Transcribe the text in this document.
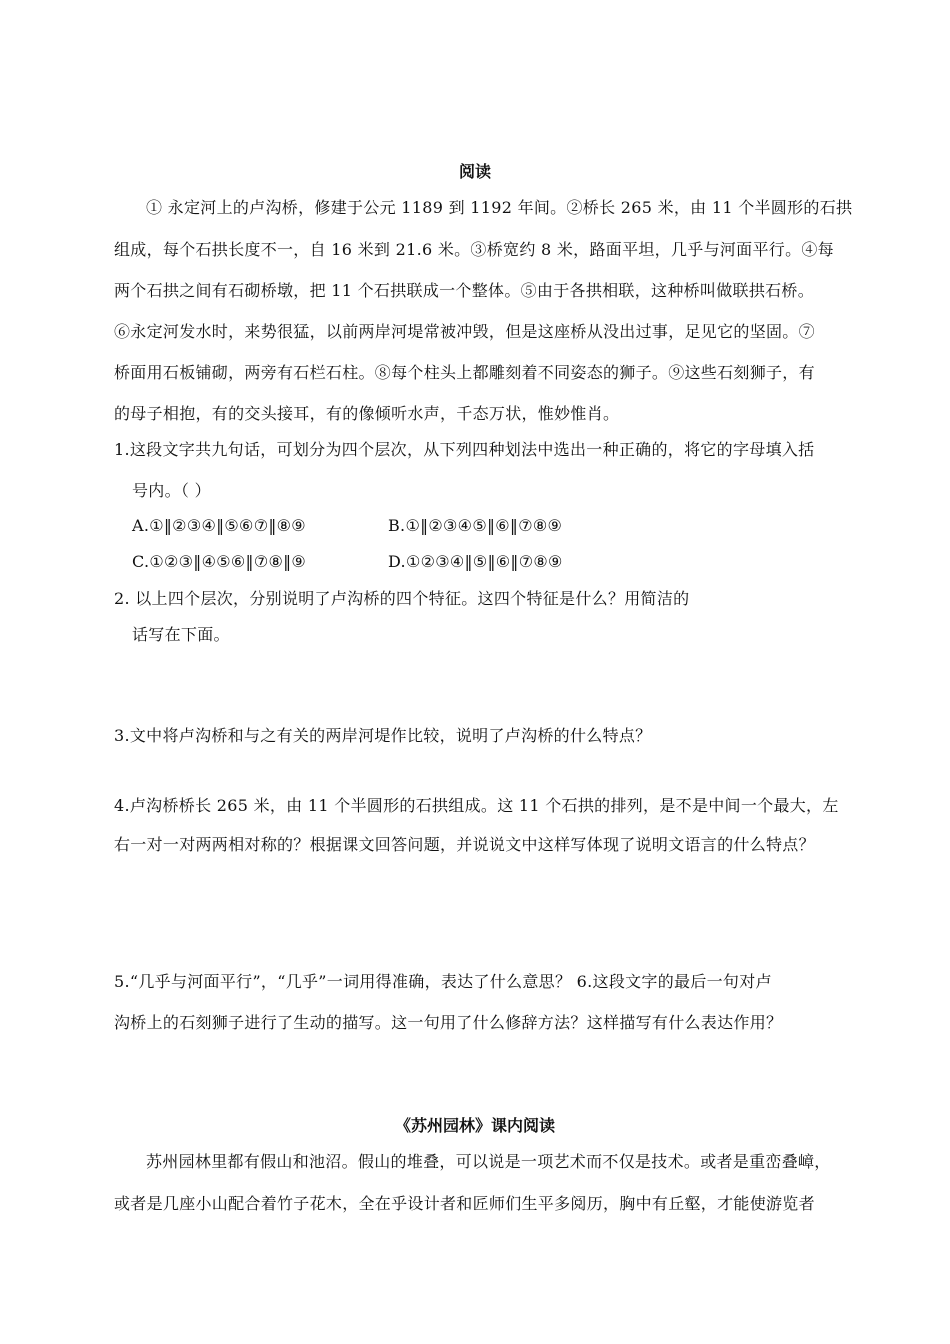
阅读
① 永定河上的卢沟桥，修建于公元 1189 到 1192 年间。②桥长 265 米，由 11 个半圆形的石拱
组成，每个石拱长度不一，自 16 米到 21.6 米。③桥宽约 8 米，路面平坦，几乎与河面平行。④每
两个石拱之间有石砌桥墩，把 11 个石拱联成一个整体。⑤由于各拱相联，这种桥叫做联拱石桥。
⑥永定河发水时，来势很猛，以前两岸河堤常被冲毁，但是这座桥从没出过事，足见它的坚固。⑦
桥面用石板铺砌，两旁有石栏石柱。⑧每个柱头上都雕刻着不同姿态的狮子。⑨这些石刻狮子，有
的母子相抱，有的交头接耳，有的像倾听水声，千态万状，惟妙惟肖。
1.这段文字共九句话，可划分为四个层次，从下列四种划法中选出一种正确的，将它的字母填入括
号内。（ ）
A.①‖②③④‖⑤⑥⑦‖⑧⑨	B.①‖②③④⑤‖⑥‖⑦⑧⑨
C.①②③‖④⑤⑥‖⑦⑧‖⑨	D.①②③④‖⑤‖⑥‖⑦⑧⑨
2. 以上四个层次，分别说明了卢沟桥的四个特征。这四个特征是什么？用简洁的
话写在下面。
3.文中将卢沟桥和与之有关的两岸河堤作比较，说明了卢沟桥的什么特点？
4.卢沟桥桥长 265 米，由 11 个半圆形的石拱组成。这 11 个石拱的排列，是不是中间一个最大，左
右一对一对两两相对称的？根据课文回答问题，并说说文中这样写体现了说明文语言的什么特点？
5.“几乎与河面平行”，“几乎”一词用得准确，表达了什么意思？ 6.这段文字的最后一句对卢
沟桥上的石刻狮子进行了生动的描写。这一句用了什么修辞方法？这样描写有什么表达作用？
《苏州园林》课内阅读
苏州园林里都有假山和池沼。假山的堆叠，可以说是一项艺术而不仅是技术。或者是重峦叠嶂，
或者是几座小山配合着竹子花木，全在乎设计者和匠师们生平多阅历，胸中有丘壑，才能使游览者
